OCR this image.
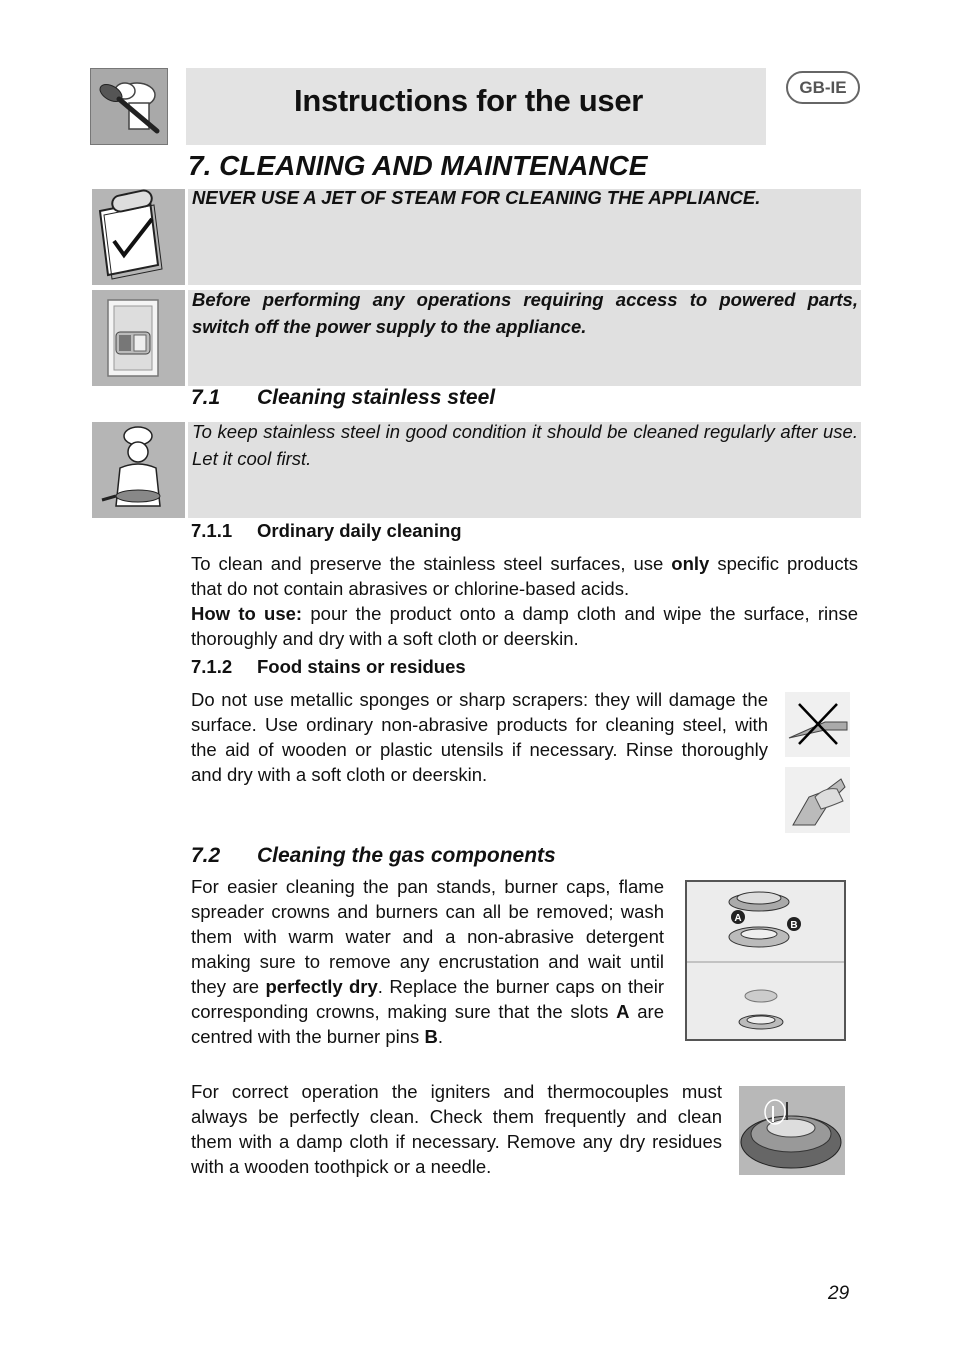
Instructions for the user	GB-IE
7. CLEANING AND MAINTENANCE
NEVER USE A JET OF STEAM FOR CLEANING THE APPLIANCE.
Before performing any operations requiring access to powered parts, switch off the power supply to the appliance.
7.1 Cleaning stainless steel
To keep stainless steel in good condition it should be cleaned regularly after use. Let it cool first.
7.1.1 Ordinary daily cleaning
To clean and preserve the stainless steel surfaces, use only specific products that do not contain abrasives or chlorine-based acids.
How to use: pour the product onto a damp cloth and wipe the surface, rinse thoroughly and dry with a soft cloth or deerskin.
7.1.2 Food stains or residues
Do not use metallic sponges or sharp scrapers: they will damage the surface. Use ordinary non-abrasive products for cleaning steel, with the aid of wooden or plastic utensils if necessary. Rinse thoroughly and dry with a soft cloth or deerskin.
7.2 Cleaning the gas components
For easier cleaning the pan stands, burner caps, flame spreader crowns and burners can all be removed; wash them with warm water and a non-abrasive detergent making sure to remove any encrustation and wait until they are perfectly dry. Replace the burner caps on their corresponding crowns, making sure that the slots A are centred with the burner pins B.
A
B
For correct operation the igniters and thermocouples must always be perfectly clean. Check them frequently and clean them with a damp cloth if necessary. Remove any dry residues with a wooden toothpick or a needle.
29
